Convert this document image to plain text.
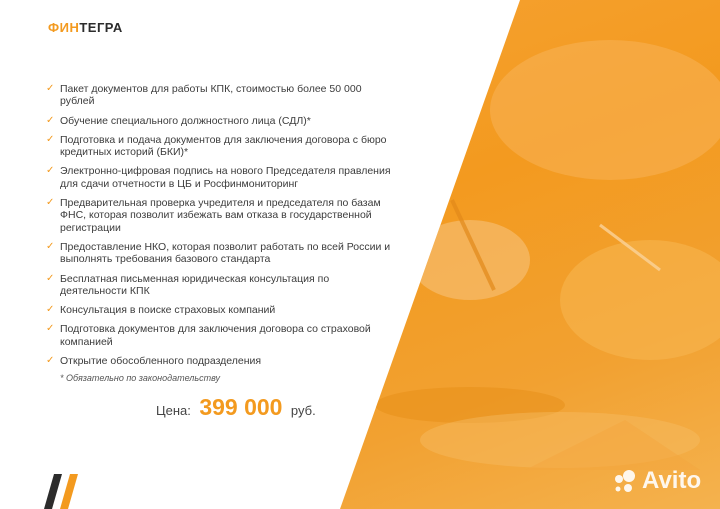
ФИНТЕГРА
✓ Пакет документов для работы КПК, стоимостью более 50 000 рублей
✓ Обучение специального должностного лица (СДЛ)*
✓ Подготовка и подача документов для заключения договора с бюро кредитных историй (БКИ)*
✓ Электронно-цифровая подпись на нового Председателя правления для сдачи отчетности в ЦБ и Росфинмониторинг
✓ Предварительная проверка учредителя и председателя по базам ФНС, которая позволит избежать вам отказа в государственной регистрации
✓ Предоставление НКО, которая позволит работать по всей России и выполнять требования базового стандарта
✓ Бесплатная письменная юридическая консультация по деятельности КПК
✓ Консультация в поиске страховых компаний
✓ Подготовка документов для заключения договора со страховой компанией
✓ Открытие обособленного подразделения
* Обязательно по законодательству
Цена: 399 000 руб.
Avito
